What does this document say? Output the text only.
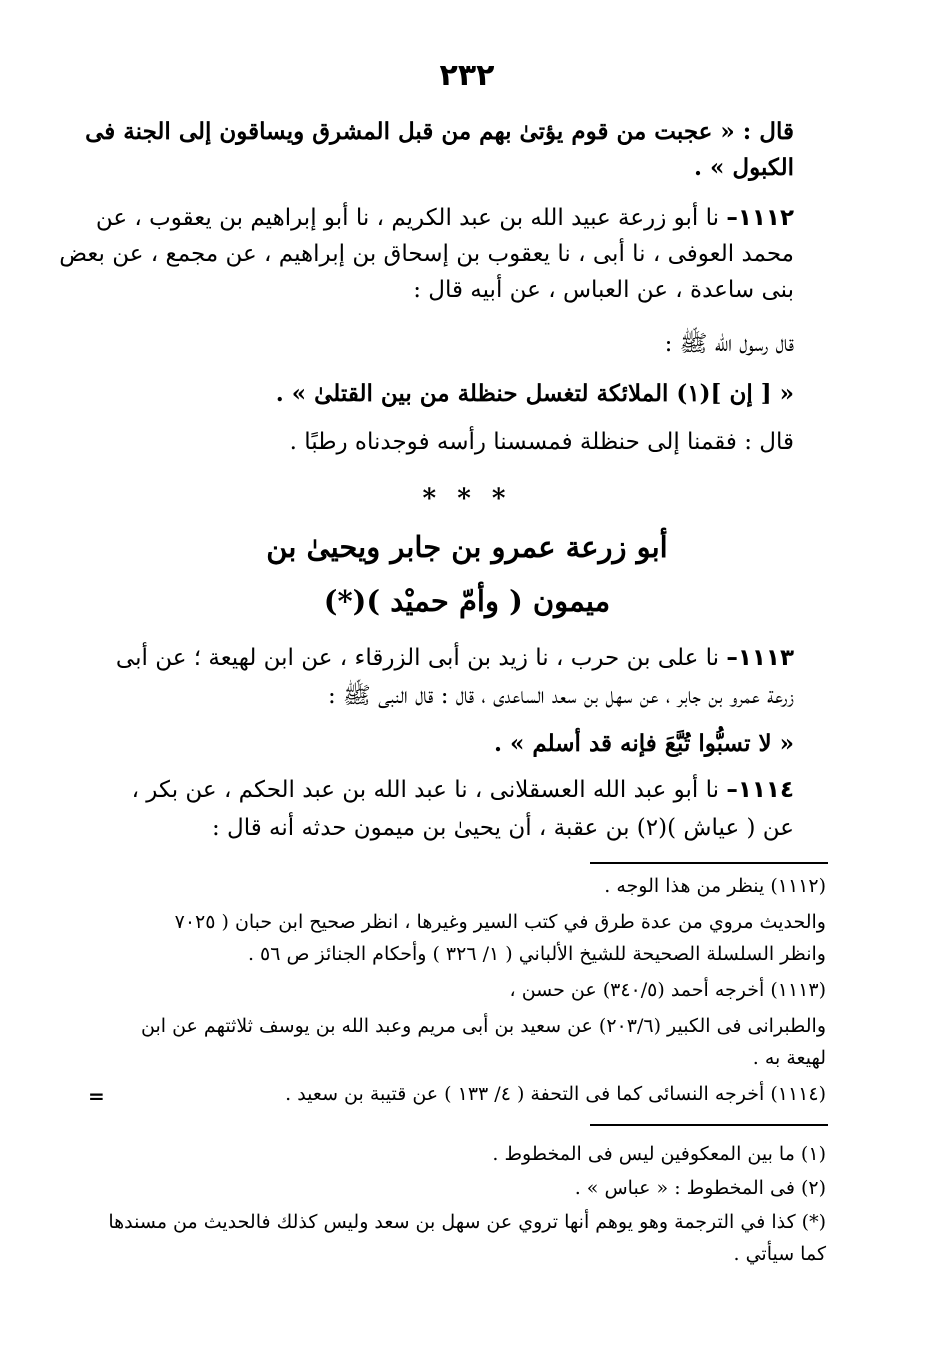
٢٣٢
قال : « عجبت من قوم يؤتىٰ بهم من قبل المشرق ويساقون إلى الجنة فى
الكبول » .
١١١٢– نا أبو زرعة عبيد الله بن عبد الكريم ، نا أبو إبراهيم بن يعقوب ، عن
محمد العوفى ، نا أبى ، نا يعقوب بن إسحاق بن إبراهيم ، عن مجمع ، عن بعض
بنى ساعدة ، عن العباس ، عن أبيه قال :
قال رسول الله ﷺ :
« [ إن ](١) الملائكة لتغسل حنظلة من بين القتلىٰ » .
قال : فقمنا إلى حنظلة فمسسنا رأسه فوجدناه رطبًا .
* * *
أبو زرعة عمرو بن جابر ويحيىٰ بن
ميمون ( وأمّ حميْد )(*)
١١١٣– نا على بن حرب ، نا زيد بن أبى الزرقاء ، عن ابن لهيعة ؛ عن أبى
زرعة عمرو بن جابر ، عن سهل بن سعد الساعدى ، قال : قال النبى ﷺ :
« لا تسبُّوا تُبَّعَ فإنه قد أسلم » .
١١١٤– نا أبو عبد الله العسقلانى ، نا عبد الله بن عبد الحكم ، عن بكر ،
عن ( عياش )(٢) بن عقبة ، أن يحيىٰ بن ميمون حدثه أنه قال :
(١١١٢) ينظر من هذا الوجه .
والحديث مروي من عدة طرق في كتب السير وغيرها ، انظر صحيح ابن حبان ( ٧٠٢٥
وانظر السلسلة الصحيحة للشيخ الألباني ( ١/ ٣٢٦ ) وأحكام الجنائز ص ٥٦ .
(١١١٣) أخرجه أحمد (٣٤٠/٥) عن حسن ،
والطبرانى فى الكبير (٢٠٣/٦) عن سعيد بن أبى مريم وعبد الله بن يوسف ثلاثتهم عن ابن
لهيعة به .
(١١١٤) أخرجه النسائى كما فى التحفة ( ٤/ ١٣٣ ) عن قتيبة بن سعيد .
=
(١) ما بين المعكوفين ليس فى المخطوط .
(٢) فى المخطوط : « عباس » .
(*) كذا في الترجمة وهو يوهم أنها تروي عن سهل بن سعد وليس كذلك فالحديث من مسندها
كما سيأتي .
